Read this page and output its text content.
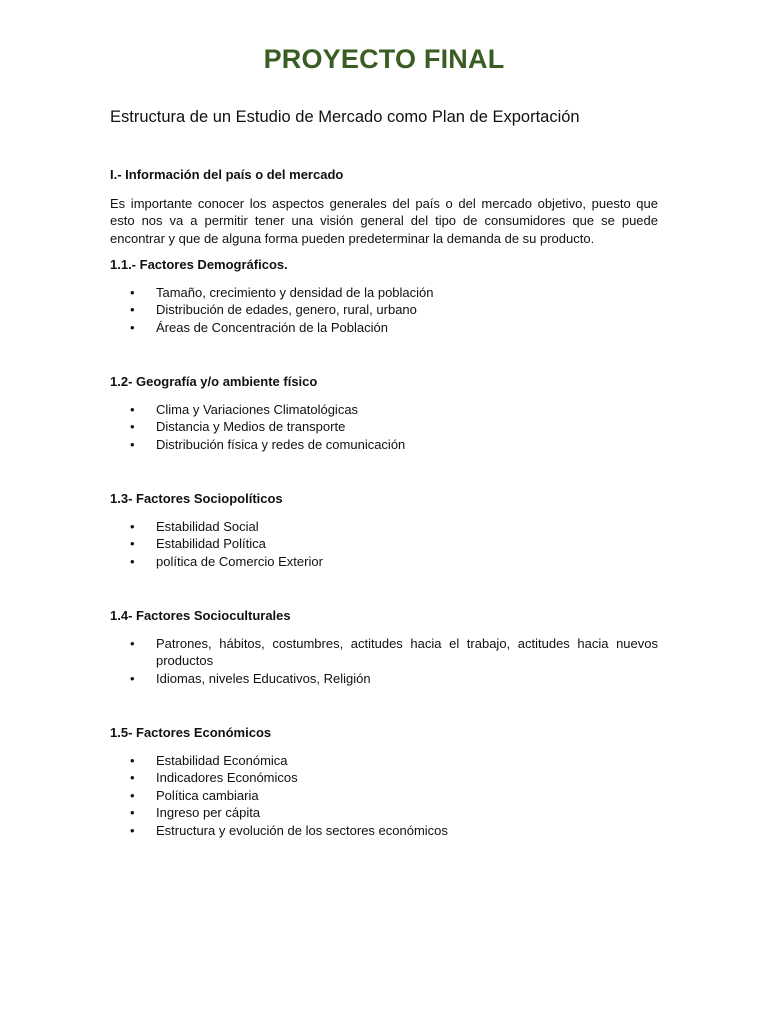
PROYECTO FINAL
Estructura de un Estudio de Mercado como Plan de Exportación

I.- Información del país o del mercado

Es importante conocer los aspectos generales del país o del mercado objetivo, puesto que esto nos va a permitir tener una visión general del tipo de consumidores que se puede encontrar y que de alguna forma pueden predeterminar la demanda de su producto.

1.1.- Factores Demográficos.

• Tamaño, crecimiento y densidad de la población
• Distribución de edades, genero, rural, urbano
• Áreas de Concentración de la Población

1.2- Geografía y/o ambiente físico

• Clima y Variaciones Climatológicas
• Distancia y Medios de transporte
• Distribución física y redes de comunicación

1.3- Factores Sociopolíticos

• Estabilidad Social
• Estabilidad Política
• política de Comercio Exterior

1.4- Factores Socioculturales

• Patrones, hábitos, costumbres, actitudes hacia el trabajo, actitudes hacia nuevos productos
• Idiomas, niveles Educativos, Religión

1.5- Factores Económicos

• Estabilidad Económica
• Indicadores Económicos
• Política cambiaria
• Ingreso per cápita
• Estructura y evolución de los sectores económicos
